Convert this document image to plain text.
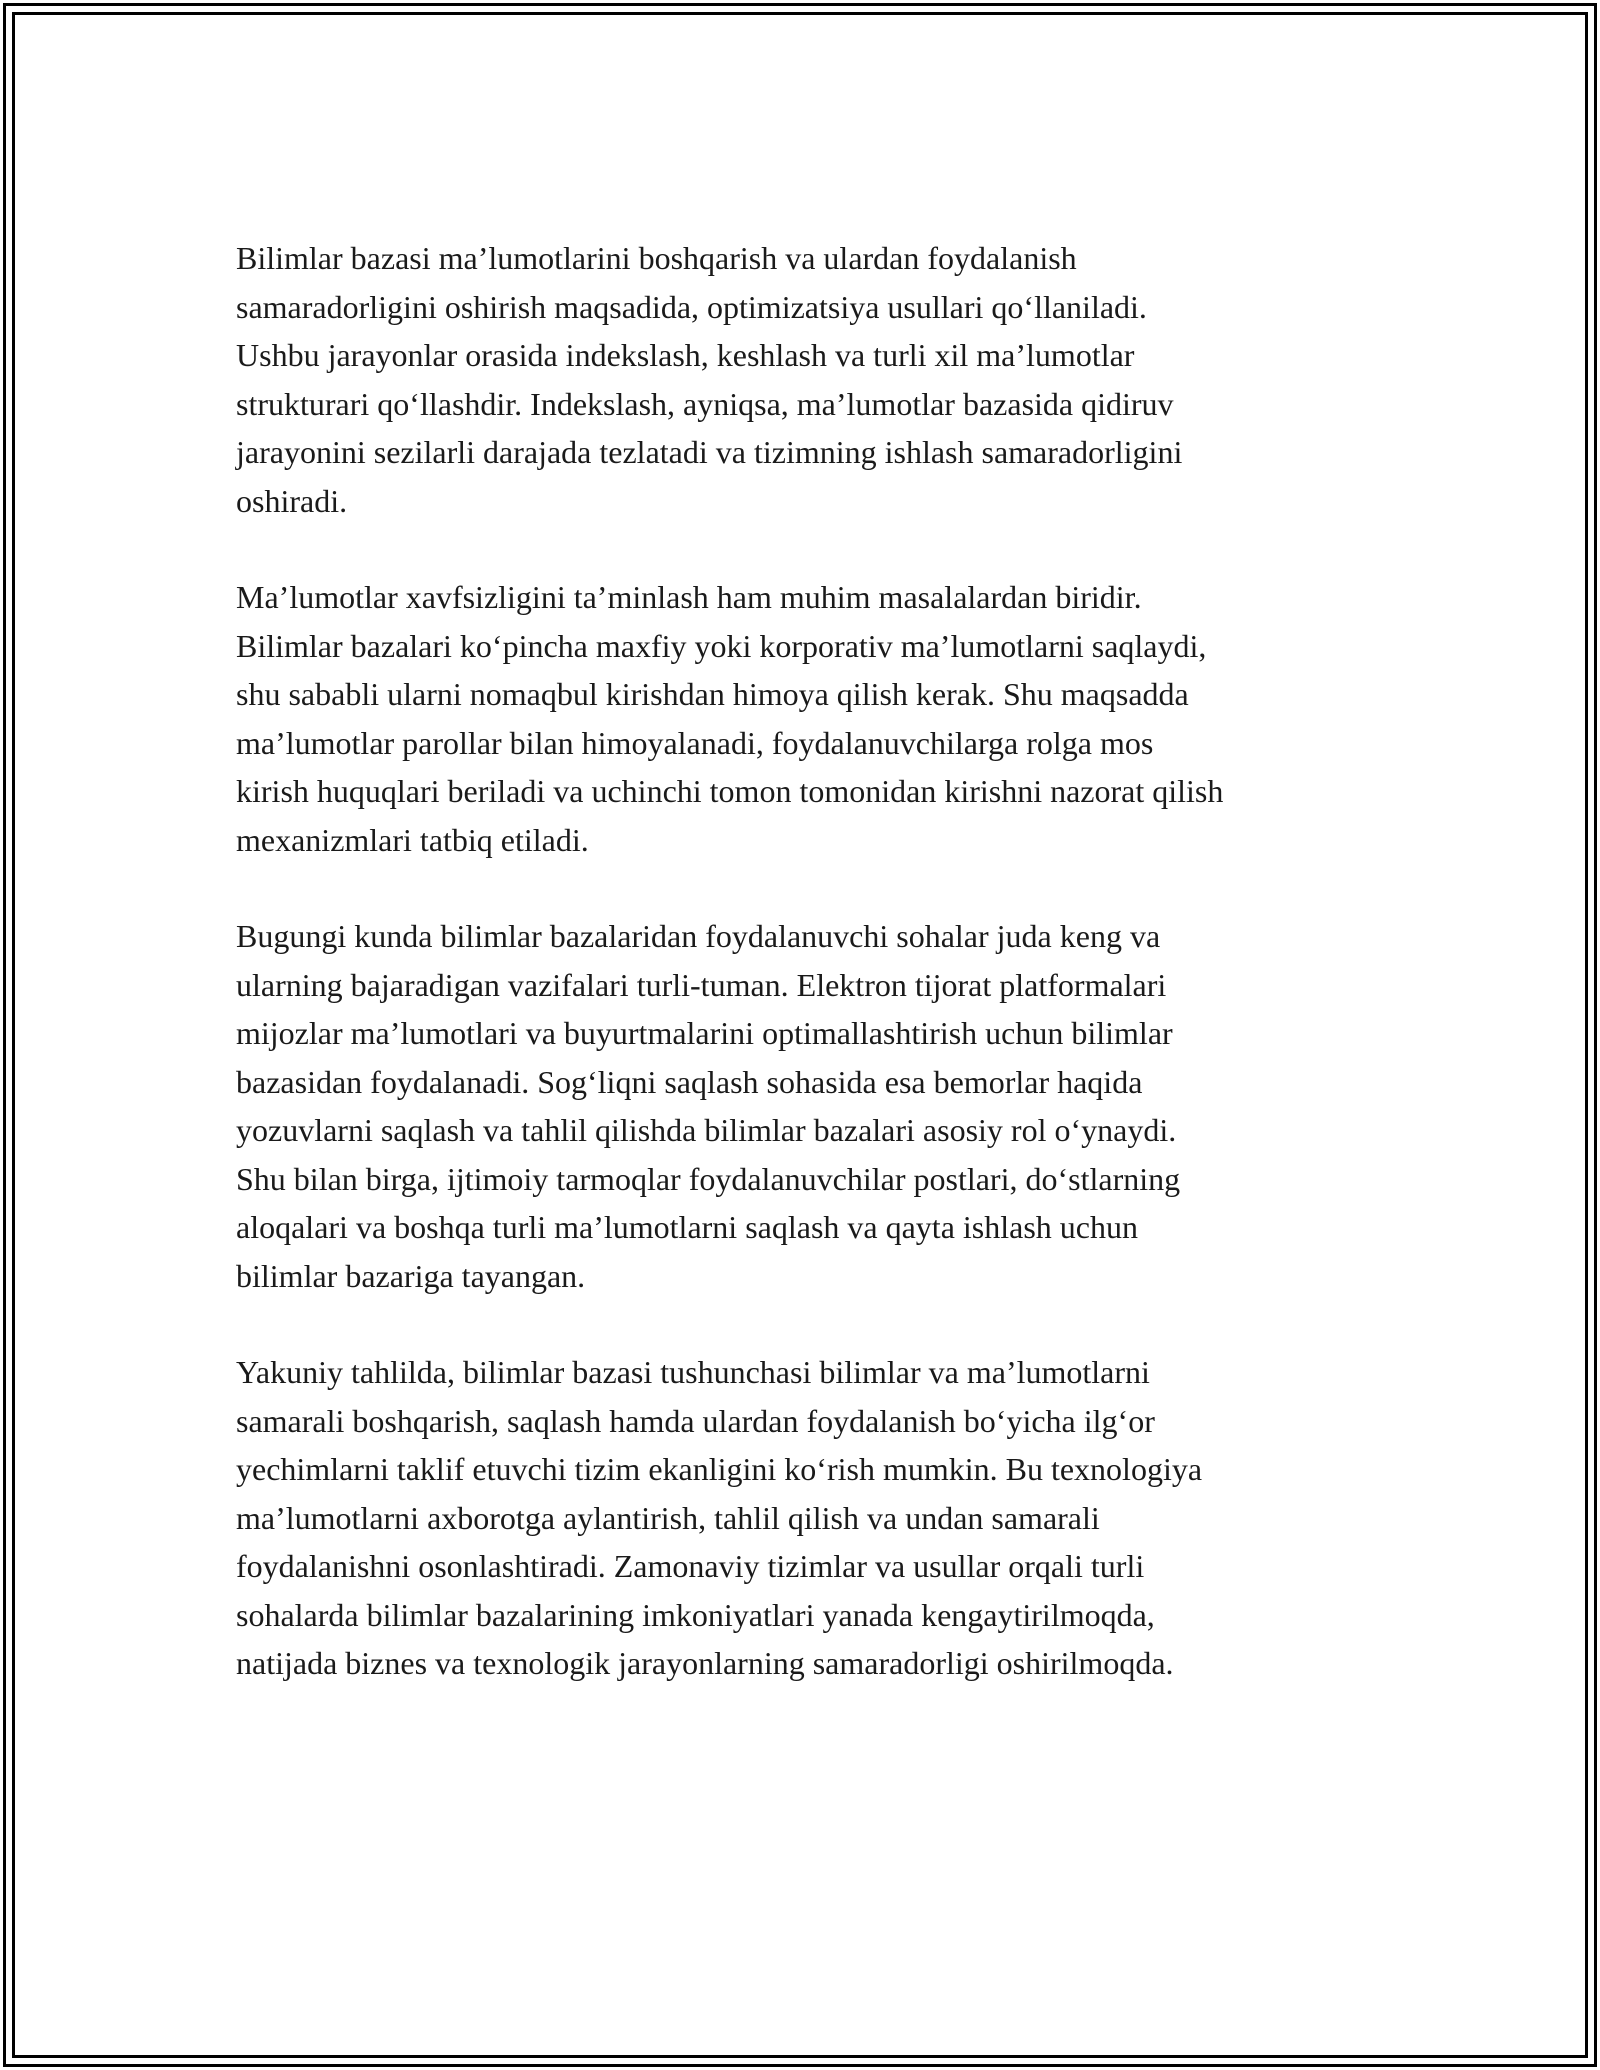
Bilimlar bazasi ma’lumotlarini boshqarish va ulardan foydalanish
samaradorligini oshirish maqsadida, optimizatsiya usullari qo‘llaniladi.
Ushbu jarayonlar orasida indekslash, keshlash va turli xil ma’lumotlar
strukturari qo‘llashdir. Indekslash, ayniqsa, ma’lumotlar bazasida qidiruv
jarayonini sezilarli darajada tezlatadi va tizimning ishlash samaradorligini
oshiradi.

Ma’lumotlar xavfsizligini ta’minlash ham muhim masalalardan biridir.
Bilimlar bazalari ko‘pincha maxfiy yoki korporativ ma’lumotlarni saqlaydi,
shu sababli ularni nomaqbul kirishdan himoya qilish kerak. Shu maqsadda
ma’lumotlar parollar bilan himoyalanadi, foydalanuvchilarga rolga mos
kirish huquqlari beriladi va uchinchi tomon tomonidan kirishni nazorat qilish
mexanizmlari tatbiq etiladi.

Bugungi kunda bilimlar bazalaridan foydalanuvchi sohalar juda keng va
ularning bajaradigan vazifalari turli-tuman. Elektron tijorat platformalari
mijozlar ma’lumotlari va buyurtmalarini optimallashtirish uchun bilimlar
bazasidan foydalanadi. Sog‘liqni saqlash sohasida esa bemorlar haqida
yozuvlarni saqlash va tahlil qilishda bilimlar bazalari asosiy rol o‘ynaydi.
Shu bilan birga, ijtimoiy tarmoqlar foydalanuvchilar postlari, do‘stlarning
aloqalari va boshqa turli ma’lumotlarni saqlash va qayta ishlash uchun
bilimlar bazariga tayangan.

Yakuniy tahlilda, bilimlar bazasi tushunchasi bilimlar va ma’lumotlarni
samarali boshqarish, saqlash hamda ulardan foydalanish bo‘yicha ilg‘or
yechimlarni taklif etuvchi tizim ekanligini ko‘rish mumkin. Bu texnologiya
ma’lumotlarni axborotga aylantirish, tahlil qilish va undan samarali
foydalanishni osonlashtiradi. Zamonaviy tizimlar va usullar orqali turli
sohalarda bilimlar bazalarining imkoniyatlari yanada kengaytirilmoqda,
natijada biznes va texnologik jarayonlarning samaradorligi oshirilmoqda.
